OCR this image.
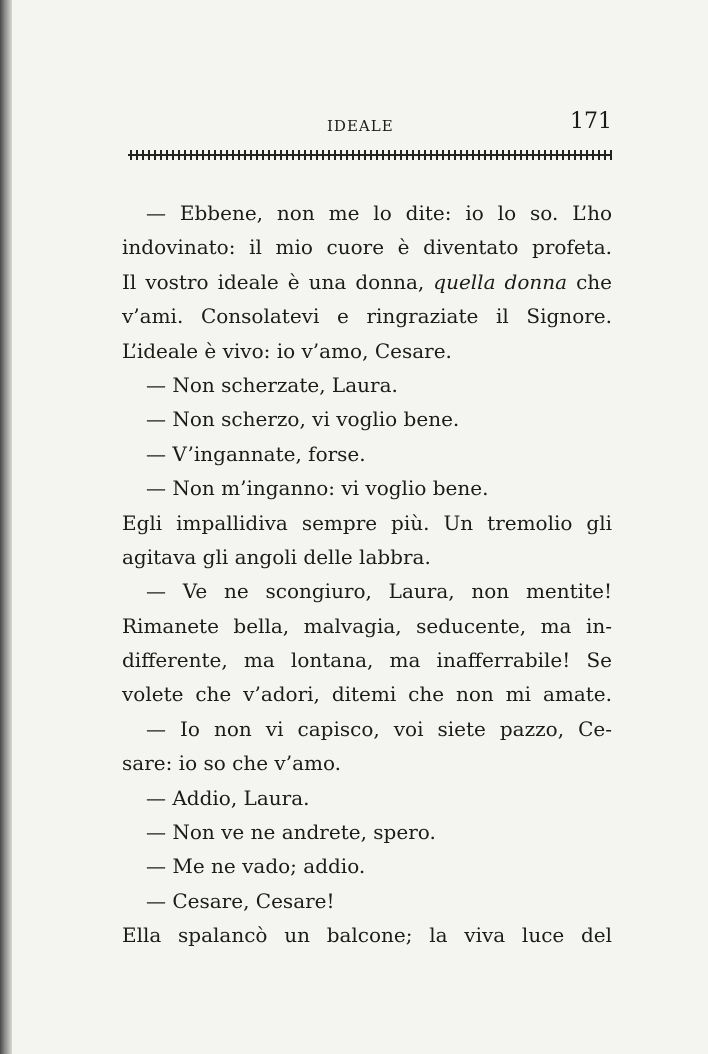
IDEALE	171
— Ebbene, non me lo dite: io lo so. L’ho
indovinato: il mio cuore è diventato profeta.
Il vostro ideale è una donna, quella donna che
v’ami. Consolatevi e ringraziate il Signore.
L’ideale è vivo: io v’amo, Cesare.
— Non scherzate, Laura.
— Non scherzo, vi voglio bene.
— V’ingannate, forse.
— Non m’inganno: vi voglio bene.
Egli impallidiva sempre più. Un tremolio gli
agitava gli angoli delle labbra.
— Ve ne scongiuro, Laura, non mentite!
Rimanete bella, malvagia, seducente, ma in-
differente, ma lontana, ma inafferrabile! Se
volete che v’adori, ditemi che non mi amate.
— Io non vi capisco, voi siete pazzo, Ce-
sare: io so che v’amo.
— Addio, Laura.
— Non ve ne andrete, spero.
— Me ne vado; addio.
— Cesare, Cesare!
Ella spalancò un balcone; la viva luce del
